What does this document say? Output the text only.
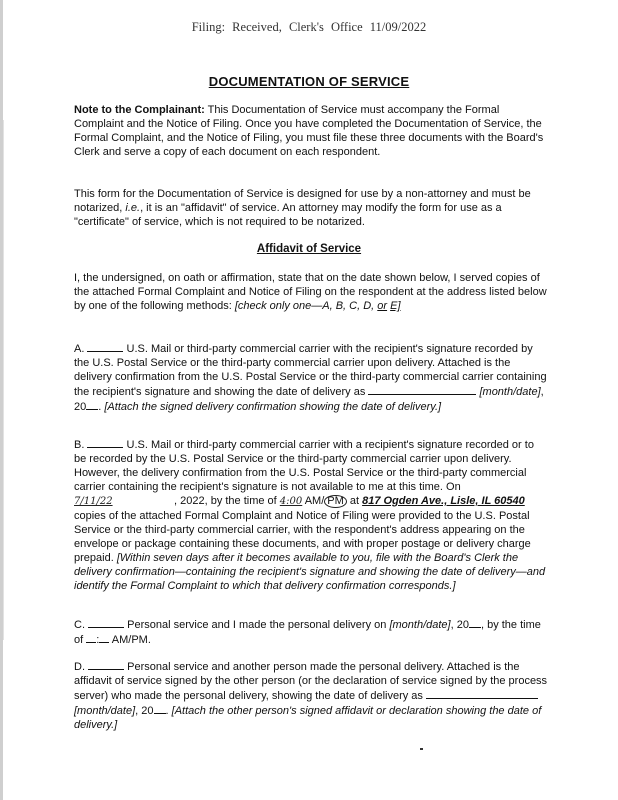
Filing: Received, Clerk's Office 11/09/2022
DOCUMENTATION OF SERVICE
Note to the Complainant: This Documentation of Service must accompany the Formal Complaint and the Notice of Filing. Once you have completed the Documentation of Service, the Formal Complaint, and the Notice of Filing, you must file these three documents with the Board's Clerk and serve a copy of each document on each respondent.
This form for the Documentation of Service is designed for use by a non-attorney and must be notarized, i.e., it is an "affidavit" of service. An attorney may modify the form for use as a "certificate" of service, which is not required to be notarized.
Affidavit of Service
I, the undersigned, on oath or affirmation, state that on the date shown below, I served copies of the attached Formal Complaint and Notice of Filing on the respondent at the address listed below by one of the following methods: [check only one—A, B, C, D, or E]
A.	U.S. Mail or third-party commercial carrier with the recipient's signature recorded by the U.S. Postal Service or the third-party commercial carrier upon delivery. Attached is the delivery confirmation from the U.S. Postal Service or the third-party commercial carrier containing the recipient's signature and showing the date of delivery as	[month/date], 20 . [Attach the signed delivery confirmation showing the date of delivery.]
B.	U.S. Mail or third-party commercial carrier with a recipient's signature recorded or to be recorded by the U.S. Postal Service or the third-party commercial carrier upon delivery. However, the delivery confirmation from the U.S. Postal Service or the third-party commercial carrier containing the recipient's signature is not available to me at this time. On 7/11/22	, 2022, by the time of 4:00 AM/ PM at 817 Ogden Ave., Lisle, IL 60540 copies of the attached Formal Complaint and Notice of Filing were provided to the U.S. Postal Service or the third-party commercial carrier, with the respondent's address appearing on the envelope or package containing these documents, and with proper postage or delivery charge prepaid. [Within seven days after it becomes available to you, file with the Board's Clerk the delivery confirmation—containing the recipient's signature and showing the date of delivery—and identify the Formal Complaint to which that delivery confirmation corresponds.]
C.	Personal service and I made the personal delivery on [month/date], 20 , by the time of : AM/PM.
D.	Personal service and another person made the personal delivery. Attached is the affidavit of service signed by the other person (or the declaration of service signed by the process server) who made the personal delivery, showing the date of delivery as  [month/date], 20 . [Attach the other person's signed affidavit or declaration showing the date of delivery.]
